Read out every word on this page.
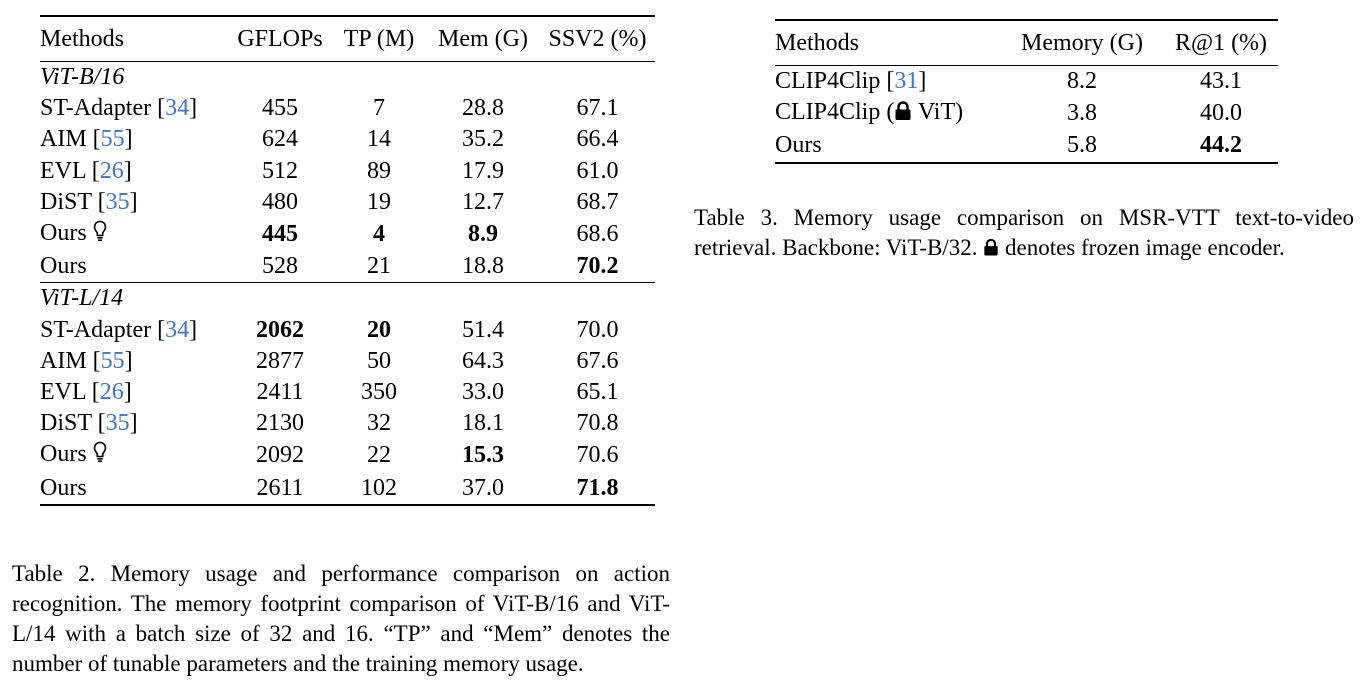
Methods	GFLOPs	TP (M)	Mem (G)	SSV2 (%)
ViT-B/16				
ST-Adapter [34]	455	7	28.8	67.1
AIM [55]	624	14	35.2	66.4
EVL [26]	512	89	17.9	61.0
DiST [35]	480	19	12.7	68.7
Ours	445	4	8.9	68.6
Ours	528	21	18.8	70.2
ViT-L/14				
ST-Adapter [34]	2062	20	51.4	70.0
AIM [55]	2877	50	64.3	67.6
EVL [26]	2411	350	33.0	65.1
DiST [35]	2130	32	18.1	70.8
Ours	2092	22	15.3	70.6
Ours	2611	102	37.0	71.8
Table 2. Memory usage and performance comparison on action recognition. The memory footprint comparison of ViT-B/16 and ViT-L/14 with a batch size of 32 and 16. “TP” and “Mem” denotes the number of tunable parameters and the training memory usage.
Methods	Memory (G)	R@1 (%)
CLIP4Clip [31]	8.2	43.1
CLIP4Clip ( ViT)	3.8	40.0
Ours	5.8	44.2
Table 3. Memory usage comparison on MSR-VTT text-to-video retrieval. Backbone: ViT-B/32.  denotes frozen image encoder.
